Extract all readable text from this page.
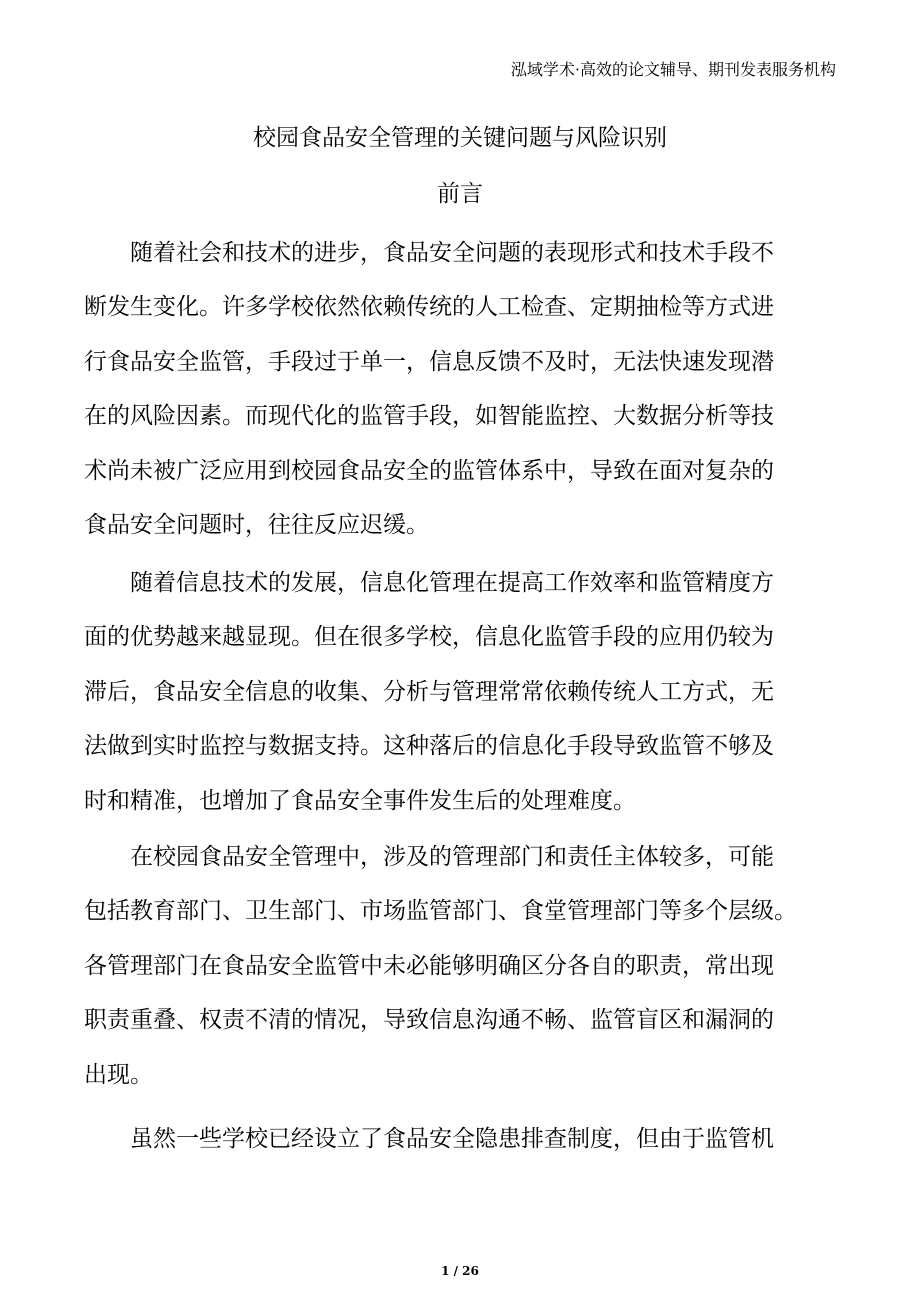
泓域学术·高效的论文辅导、期刊发表服务机构
校园食品安全管理的关键问题与风险识别
前言
随着社会和技术的进步，食品安全问题的表现形式和技术手段不
断发生变化。许多学校依然依赖传统的人工检查、定期抽检等方式进
行食品安全监管，手段过于单一，信息反馈不及时，无法快速发现潜
在的风险因素。而现代化的监管手段，如智能监控、大数据分析等技
术尚未被广泛应用到校园食品安全的监管体系中，导致在面对复杂的
食品安全问题时，往往反应迟缓。
随着信息技术的发展，信息化管理在提高工作效率和监管精度方
面的优势越来越显现。但在很多学校，信息化监管手段的应用仍较为
滞后，食品安全信息的收集、分析与管理常常依赖传统人工方式，无
法做到实时监控与数据支持。这种落后的信息化手段导致监管不够及
时和精准，也增加了食品安全事件发生后的处理难度。
在校园食品安全管理中，涉及的管理部门和责任主体较多，可能
包括教育部门、卫生部门、市场监管部门、食堂管理部门等多个层级。
各管理部门在食品安全监管中未必能够明确区分各自的职责，常出现
职责重叠、权责不清的情况，导致信息沟通不畅、监管盲区和漏洞的
出现。
虽然一些学校已经设立了食品安全隐患排查制度，但由于监管机
1 / 26
